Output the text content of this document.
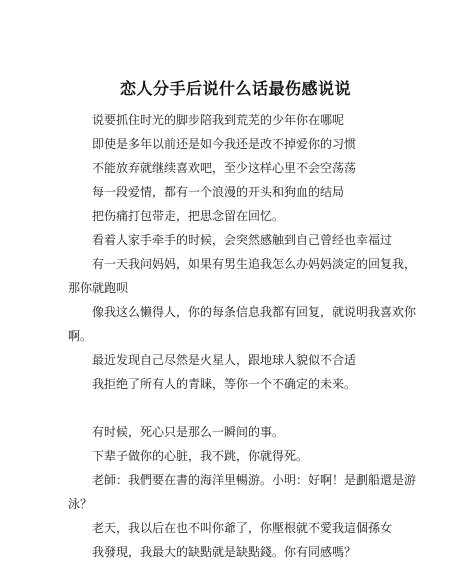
恋人分手后说什么话最伤感说说

说要抓住时光的脚步陪我到荒芜的少年你在哪呢

即使是多年以前还是如今我还是改不掉爱你的习惯

不能放弃就继续喜欢吧，至少这样心里不会空荡荡

每一段爱情，都有一个浪漫的开头和狗血的结局

把伤痛打包带走，把思念留在回忆。

看着人家手牵手的时候，会突然感触到自己曾经也幸福过

有一天我问妈妈，如果有男生追我怎么办妈妈淡定的回复我，那你就跑呗

像我这么懒得人，你的每条信息我都有回复，就说明我喜欢你啊。

最近发现自己尽然是火星人，跟地球人貌似不合适

我拒绝了所有人的青睐，等你一个不确定的未来。

有时候，死心只是那么一瞬间的事。

下辈子做你的心脏，我不跳，你就得死。

老師：我們要在書的海洋里暢游。小明：好啊！是劃船還是游泳？

老天，我以后在也不叫你爺了，你壓根就不愛我這個孫女

我發現，我最大的缺點就是缺點錢。你有同感嗎？
